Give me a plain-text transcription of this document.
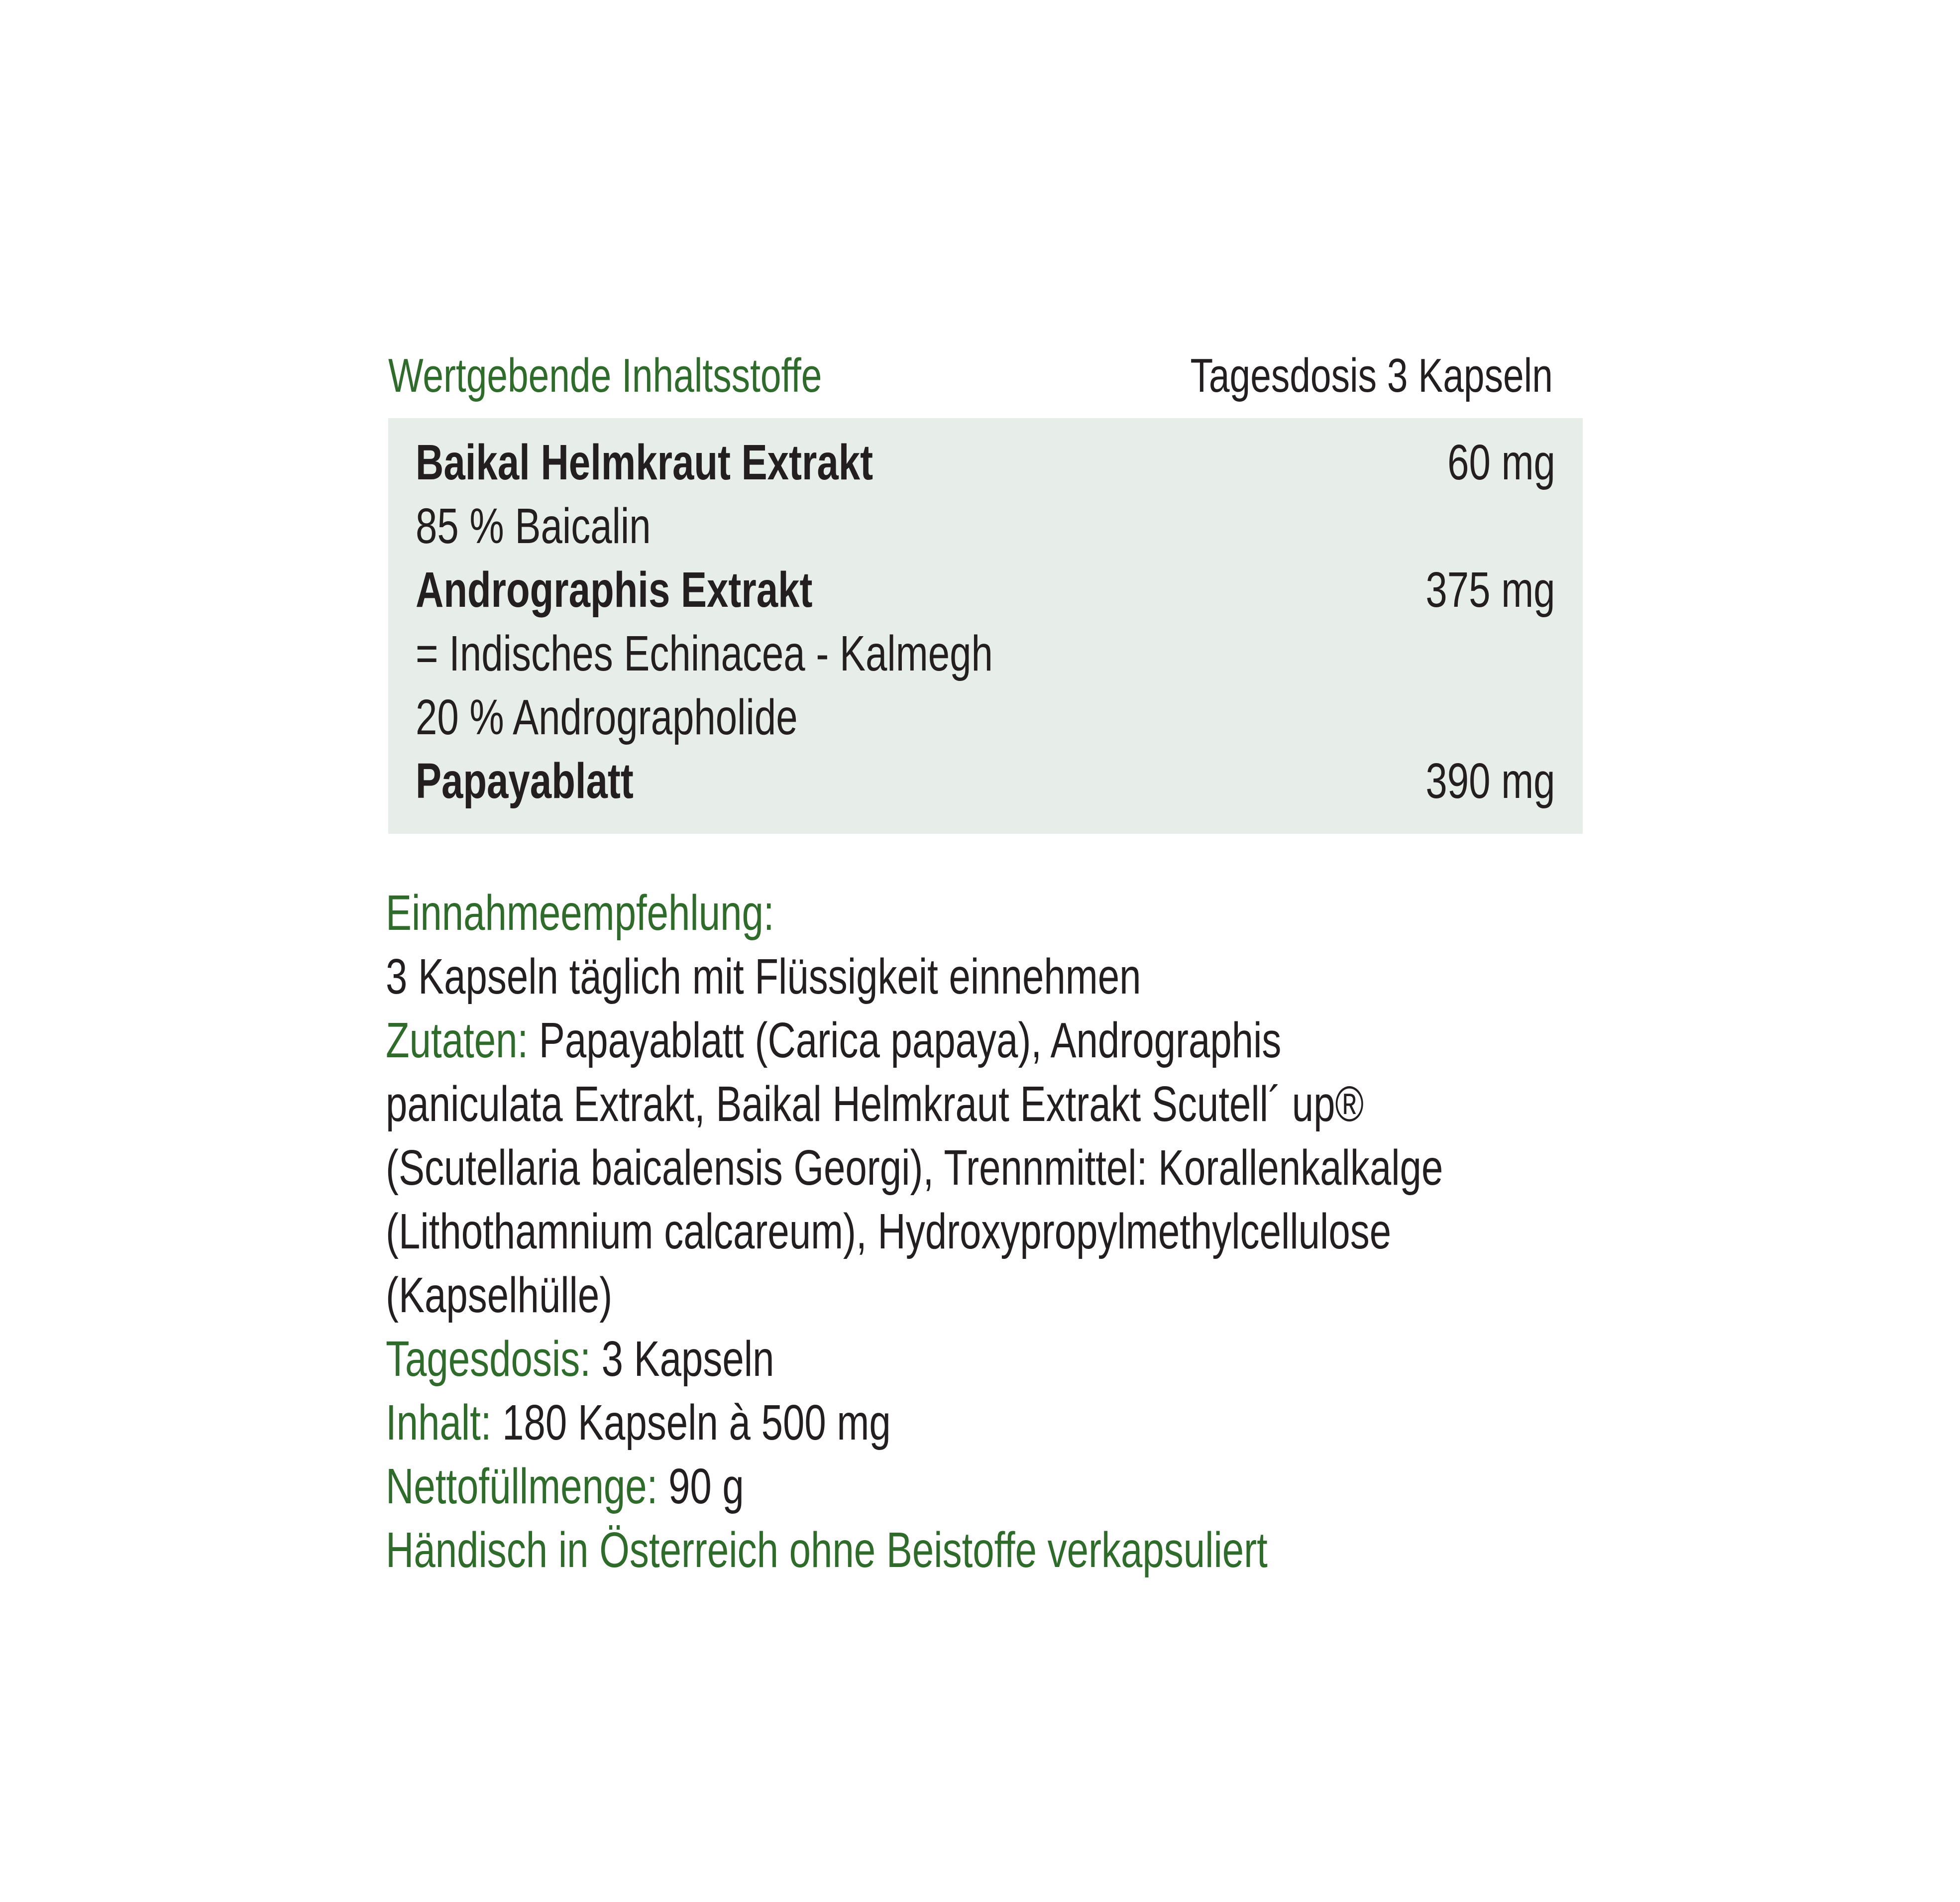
Wertgebende Inhaltsstoffe	Tagesdosis 3 Kapseln
Baikal Helmkraut Extrakt	60 mg
85 % Baicalin
Andrographis Extrakt	375 mg
= Indisches Echinacea - Kalmegh
20 % Andrographolide
Papayablatt	390 mg
Einnahmeempfehlung:
3 Kapseln täglich mit Flüssigkeit einnehmen
Zutaten: Papayablatt (Carica papaya), Andrographis
paniculata Extrakt, Baikal Helmkraut Extrakt Scutell´ up®
(Scutellaria baicalensis Georgi), Trennmittel: Korallenkalkalge
(Lithothamnium calcareum), Hydroxypropylmethylcellulose
(Kapselhülle)
Tagesdosis: 3 Kapseln
Inhalt: 180 Kapseln à 500 mg
Nettofüllmenge: 90 g
Händisch in Österreich ohne Beistoffe verkapsuliert
